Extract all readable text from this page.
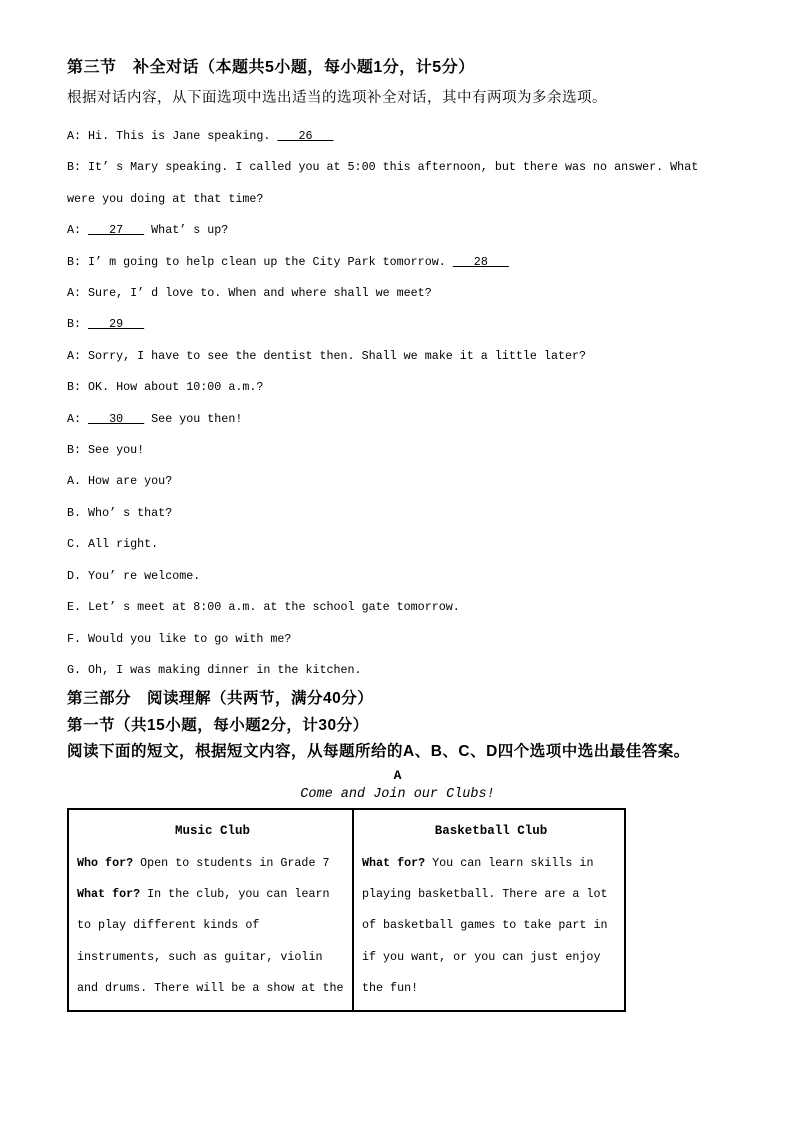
第三节　补全对话（本题共5小题，每小题1分，计5分）
根据对话内容，从下面选项中选出适当的选项补全对话，其中有两项为多余选项。
A: Hi. This is Jane speaking.    26
B: It’ s Mary speaking. I called you at 5:00 this afternoon, but there was no answer. What
were you doing at that time?
A:    27    What’ s up?
B: I’ m going to help clean up the City Park tomorrow.    28
A: Sure, I’ d love to. When and where shall we meet?
B:    29
A: Sorry, I have to see the dentist then. Shall we make it a little later?
B: OK. How about 10:00 a.m.?
A:    30    See you then!
B: See you!
A. How are you?
B. Who’ s that?
C. All right.
D. You’ re welcome.
E. Let’ s meet at 8:00 a.m. at the school gate tomorrow.
F. Would you like to go with me?
G. Oh, I was making dinner in the kitchen.
第三部分　阅读理解（共两节，满分40分）
第一节（共15小题，每小题2分，计30分）
阅读下面的短文，根据短文内容，从每题所给的A、B、C、D四个选项中选出最佳答案。
A
Come and Join our Clubs!
Music Club
Who for? Open to students in Grade 7
What for? In the club, you can learn
to play different kinds of
instruments, such as guitar, violin
and drums. There will be a show at the
Basketball Club
What for? You can learn skills in
playing basketball. There are a lot
of basketball games to take part in
if you want, or you can just enjoy
the fun!
